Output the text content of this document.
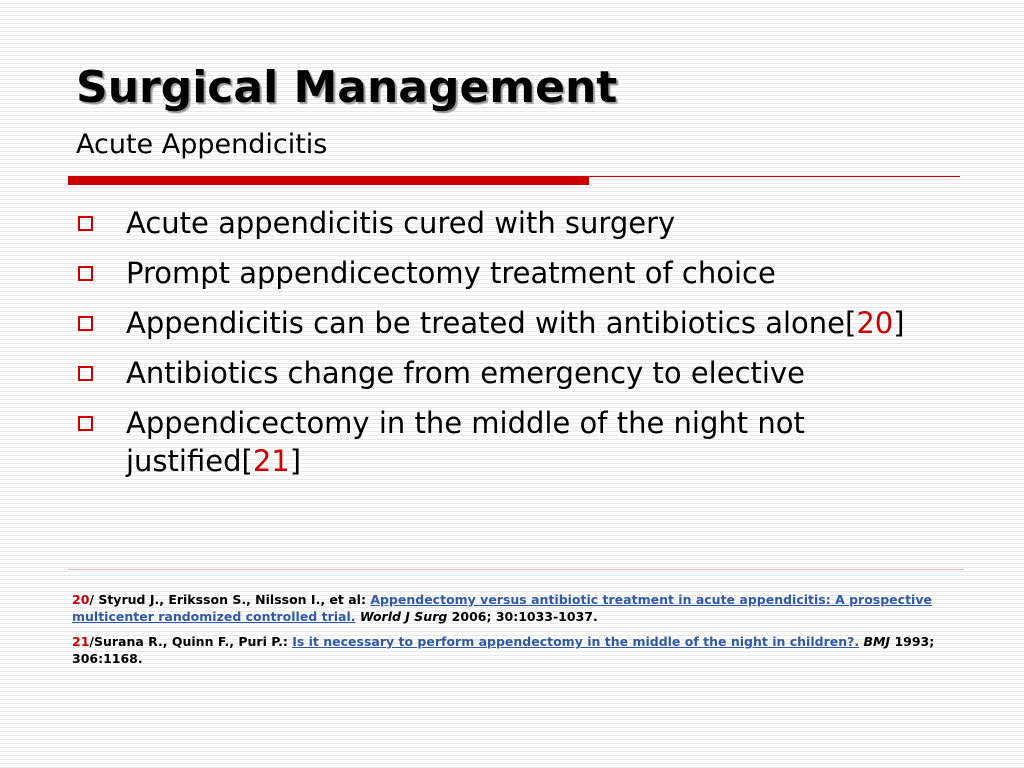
Surgical Management
Acute Appendicitis
Acute appendicitis cured with surgery
Prompt appendicectomy treatment of choice
Appendicitis can be treated with antibiotics alone[20]
Antibiotics change from emergency to elective
Appendicectomy in the middle of the night not justified[21]

20/ Styrud J., Eriksson S., Nilsson I., et al: Appendectomy versus antibiotic treatment in acute appendicitis: A prospective multicenter randomized controlled trial. World J Surg 2006; 30:1033-1037.

21/Surana R., Quinn F., Puri P.: Is it necessary to perform appendectomy in the middle of the night in children?. BMJ 1993; 306:1168.
